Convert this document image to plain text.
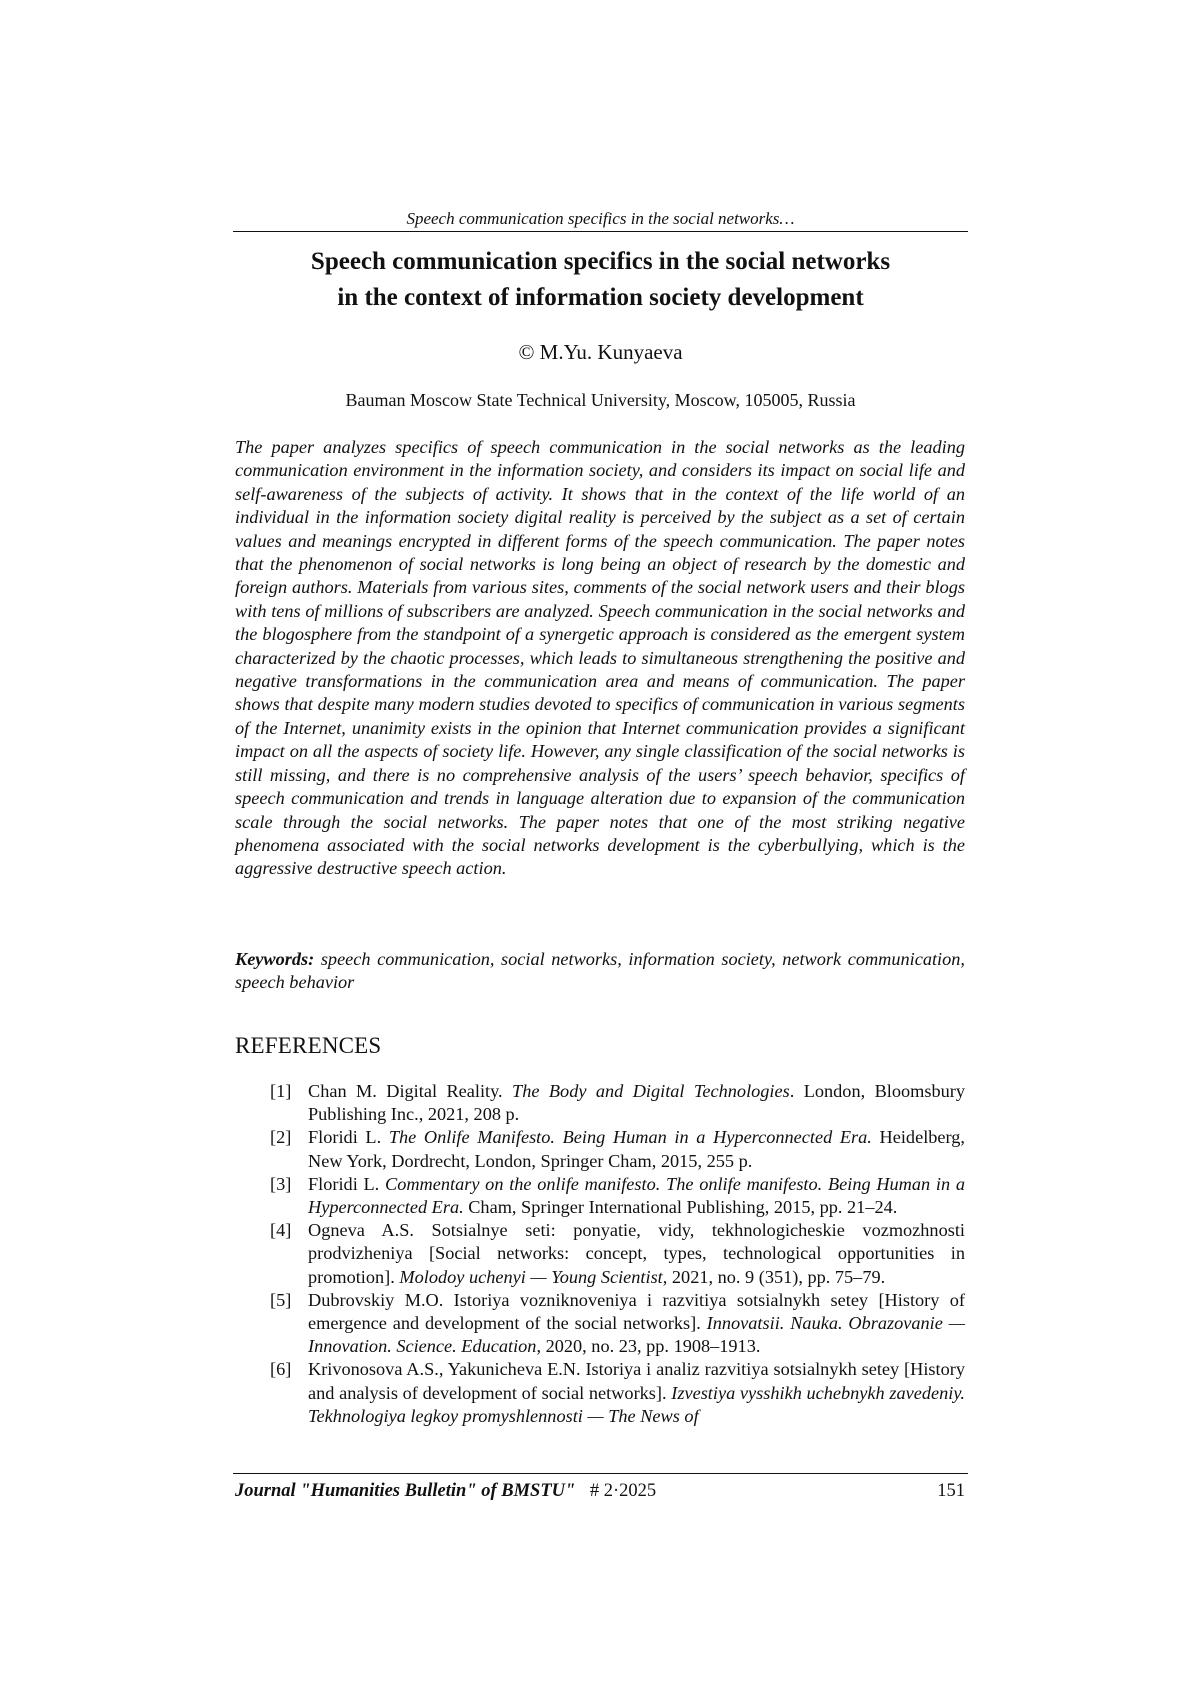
Speech communication specifics in the social networks…
Speech communication specifics in the social networks
in the context of information society development
© M.Yu. Kunyaeva
Bauman Moscow State Technical University, Moscow, 105005, Russia

The paper analyzes specifics of speech communication in the social networks as the leading communication environment in the information society, and considers its impact on social life and self-awareness of the subjects of activity. It shows that in the context of the life world of an individual in the information society digital reality is perceived by the subject as a set of certain values and meanings encrypted in different forms of the speech communication. The paper notes that the phenomenon of social networks is long being an object of research by the domestic and foreign authors. Materials from various sites, comments of the social network users and their blogs with tens of millions of subscribers are analyzed. Speech communication in the social networks and the blogosphere from the standpoint of a synergetic approach is considered as the emergent system characterized by the chaotic processes, which leads to simultaneous strengthening the positive and negative transformations in the communication area and means of communication. The paper shows that despite many modern studies devoted to specifics of communication in various segments of the Internet, unanimity exists in the opinion that Internet communication provides a significant impact on all the aspects of society life. However, any single classification of the social networks is still missing, and there is no comprehensive analysis of the users’ speech behavior, specifics of speech communication and trends in language alteration due to expansion of the communication scale through the social networks. The paper notes that one of the most striking negative phenomena associated with the social networks development is the cyberbullying, which is the aggressive destructive speech action.

Keywords: speech communication, social networks, information society, network communication, speech behavior

REFERENCES
[1] Chan M. Digital Reality. The Body and Digital Technologies. London, Bloomsbury Publishing Inc., 2021, 208 p.
[2] Floridi L. The Onlife Manifesto. Being Human in a Hyperconnected Era. Heidelberg, New York, Dordrecht, London, Springer Cham, 2015, 255 p.
[3] Floridi L. Commentary on the onlife manifesto. The onlife manifesto. Being Human in a Hyperconnected Era. Cham, Springer International Publishing, 2015, pp. 21–24.
[4] Ogneva A.S. Sotsialnye seti: ponyatie, vidy, tekhnologicheskie vozmozhnosti prodvizheniya [Social networks: concept, types, technological opportunities in promotion]. Molodoy uchenyi — Young Scientist, 2021, no. 9 (351), pp. 75–79.
[5] Dubrovskiy M.O. Istoriya vozniknoveniya i razvitiya sotsialnykh setey [History of emergence and development of the social networks]. Innovatsii. Nauka. Obrazovanie — Innovation. Science. Education, 2020, no. 23, pp. 1908–1913.
[6] Krivonosova A.S., Yakunicheva E.N. Istoriya i analiz razvitiya sotsialnykh setey [History and analysis of development of social networks]. Izvestiya vysshikh uchebnykh zavedeniy. Tekhnologiya legkoy promyshlennosti — The News of
Journal "Humanities Bulletin" of BMSTU" # 2·2025	151
